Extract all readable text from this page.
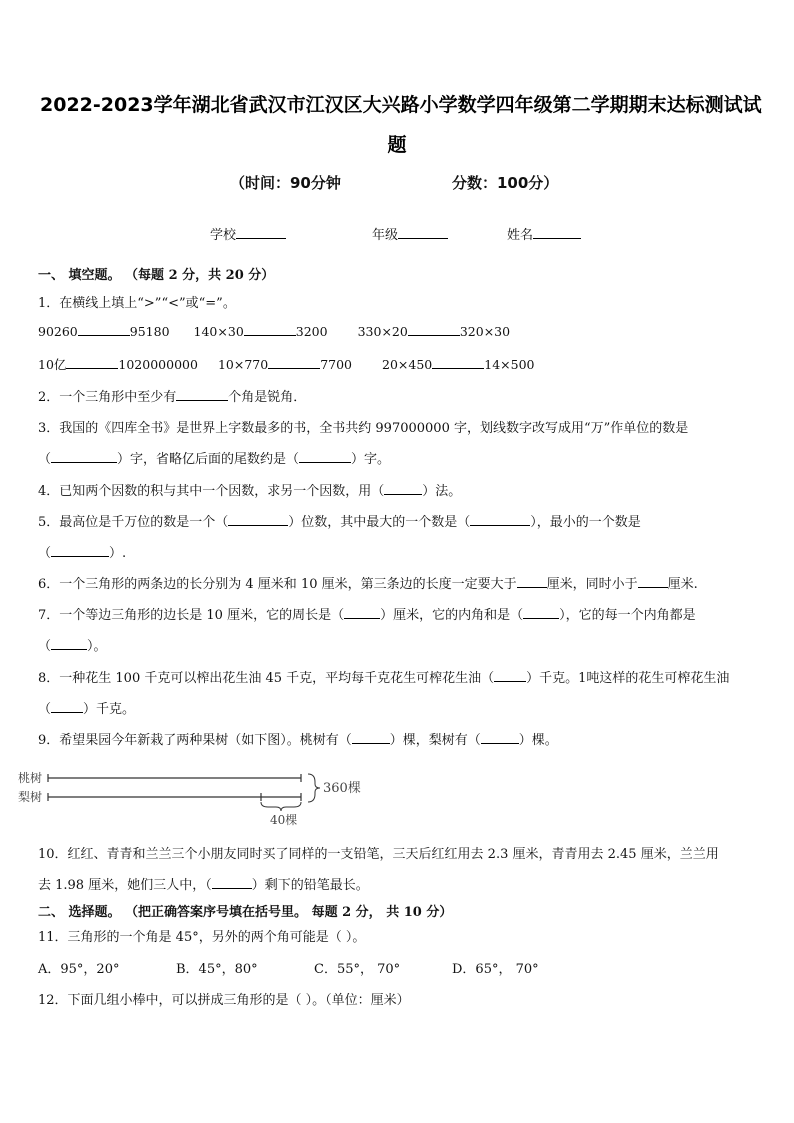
2022-2023学年湖北省武汉市江汉区大兴路小学数学四年级第二学期期末达标测试试
题
（时间：90分钟	分数：100分）
学校	年级	姓名
一、 填空题。 （每题 2 分，共 20 分）
1．在横线上填上“>”“<”或“=”。
90260	95180 140×30	3200 330×20	320×30
10亿	1020000000 10×770	7700 20×450	14×500
2．一个三角形中至少有	个角是锐角．
3．我国的《四库全书》是世界上字数最多的书，全书共约 997000000 字，划线数字改写成用“万”作单位的数是
（	）字，省略亿后面的尾数约是（	）字。
4．已知两个因数的积与其中一个因数，求另一个因数，用（	）法。
5．最高位是千万位的数是一个（	）位数，其中最大的一个数是（	），最小的一个数是
（	）.
6．一个三角形的两条边的长分别为 4 厘米和 10 厘米，第三条边的长度一定要大于 厘米，同时小于 厘米.
7．一个等边三角形的边长是 10 厘米，它的周长是（	）厘米，它的内角和是（	），它的每一个内角都是
（	）。
8．一种花生 100 千克可以榨出花生油 45 千克，平均每千克花生可榨花生油（ ）千克。1吨这样的花生可榨花生油
（ ）千克。
9．希望果园今年新栽了两种果树（如下图）。桃树有（	）棵，梨树有（	）棵。
桃树
梨树
40棵
360棵
10．红红、青青和兰兰三个小朋友同时买了同样的一支铅笔，三天后红红用去 2.3 厘米，青青用去 2.45 厘米，兰兰用
去 1.98 厘米，她们三人中，（	）剩下的铅笔最长。
二、 选择题。 （把正确答案序号填在括号里。 每题 2 分， 共 10 分）
11．三角形的一个角是 45°，另外的两个角可能是（ ）。
A．95°，20°	B．45°，80°	C．55°， 70°	D．65°， 70°
12．下面几组小棒中，可以拼成三角形的是（ ）。（单位：厘米）
